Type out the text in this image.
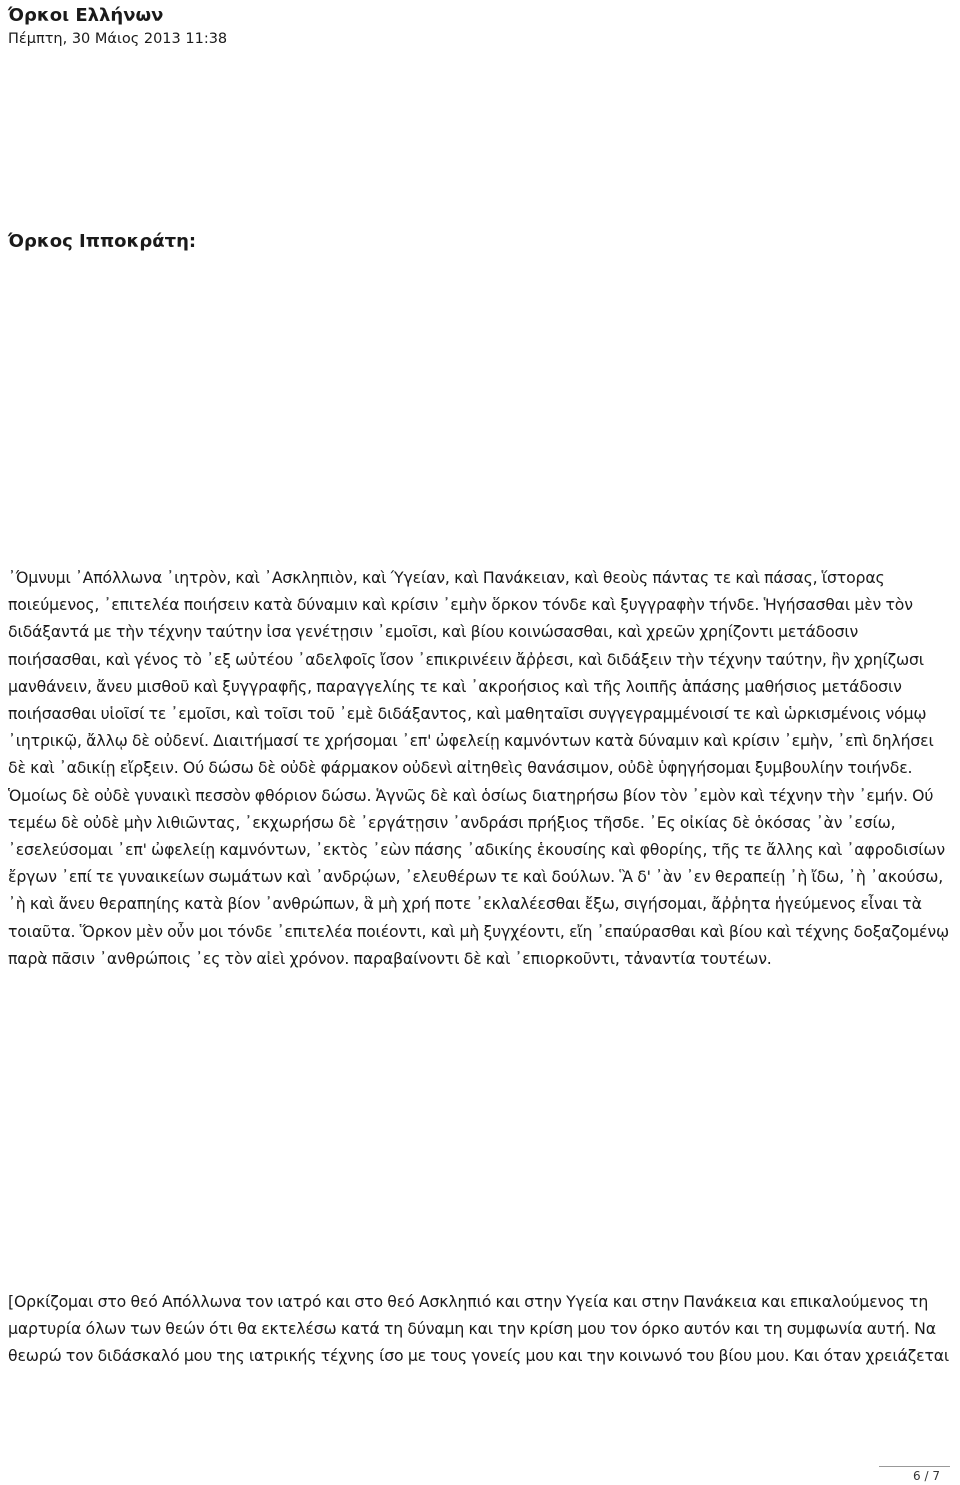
Όρκοι Ελλήνων
Πέμπτη, 30 Μάιος 2013 11:38
Όρκος Ιπποκράτη:

᾿Όμνυμι ᾿Απόλλωνα ᾿ιητρὸν, καὶ ᾿Ασκληπιὸν, καὶ Ύγείαν, καὶ Πανάκειαν, καὶ θεοὺς πάντας τε καὶ πάσας, ἵστορας ποιεύμενος, ᾿επιτελέα ποιήσειν κατὰ δύναμιν καὶ κρίσιν ᾿εμὴν ὅρκον τόνδε καὶ ξυγγραφὴν τήνδε. Ἡγήσασθαι μὲν τὸν διδάξαντά με τὴν τέχνην ταύτην ἰσα γενέτῃσιν ᾿εμοῖσι, καὶ βίου κοινώσασθαι, καὶ χρεῶν χρηίζοντι μετάδοσιν ποιήσασθαι, καὶ γένος τὸ ᾿εξ ωὐτέου ᾿αδελφοῖς ἴσον ᾿επικρινέειν ἄῤῥεσι, καὶ διδάξειν τὴν τέχνην ταύτην, ἢν χρηίζωσι μανθάνειν, ἄνευ μισθοῦ καὶ ξυγγραφῆς, παραγγελίης τε καὶ ᾿ακροήσιος καὶ τῆς λοιπῆς ἁπάσης μαθήσιος μετάδοσιν ποιήσασθαι υἱοῖσί τε ᾿εμοῖσι, καὶ τοῖσι τοῦ ᾿εμὲ διδάξαντος, καὶ μαθηταῖσι συγγεγραμμένοισί τε καὶ ὡρκισμένοις νόμῳ ᾿ιητρικῷ, ἄλλῳ δὲ οὐδενί. Διαιτήμασί τε χρήσομαι ᾿επ' ὠφελείῃ καμνόντων κατὰ δύναμιν καὶ κρίσιν ᾿εμὴν, ᾿επὶ δηλήσει δὲ καὶ ᾿αδικίῃ εἴρξειν. Ού δώσω δὲ οὐδὲ φάρμακον οὐδενὶ αἰτηθεὶς θανάσιμον, οὐδὲ ὑφηγήσομαι ξυμβουλίην τοιήνδε. Ὁμοίως δὲ οὐδὲ γυναικὶ πεσσὸν φθόριον δώσω. Ἁγνῶς δὲ καὶ ὁσίως διατηρήσω βίον τὸν ᾿εμὸν καὶ τέχνην τὴν ᾿εμήν. Ού τεμέω δὲ οὐδὲ μὴν λιθιῶντας, ᾿εκχωρήσω δὲ ᾿εργάτῃσιν ᾿ανδράσι πρήξιος τῆσδε. ᾿Ες οἰκίας δὲ ὁκόσας ᾿ὰν ᾿εσίω, ᾿εσελεύσομαι ᾿επ' ὠφελείῃ καμνόντων, ᾿εκτὸς ᾿εὼν πάσης ᾿αδικίης ἑκουσίης καὶ φθορίης, τῆς τε ἄλλης καὶ ᾿αφροδισίων ἔργων ᾿επί τε γυναικείων σωμάτων καὶ ᾿ανδρῴων, ᾿ελευθέρων τε καὶ δούλων. Ἃ δ' ᾿ὰν ᾿εν θεραπείῃ ᾿ὴ ἴδω, ᾿ὴ ᾿ακούσω, ᾿ὴ καὶ ἄνευ θεραπηίης κατὰ βίον ᾿ανθρώπων, ἃ μὴ χρή ποτε ᾿εκλαλέεσθαι ἔξω, σιγήσομαι, ἄῤῥητα ἡγεύμενος εἶναι τὰ τοιαῦτα. Ὅρκον μὲν οὖν μοι τόνδε ᾿επιτελέα ποιέοντι, καὶ μὴ ξυγχέοντι, εἴη ᾿επαύρασθαι καὶ βίου καὶ τέχνης δοξαζομένῳ παρὰ πᾶσιν ᾿ανθρώποις ᾿ες τὸν αἰεὶ χρόνον. παραβαίνοντι δὲ καὶ ᾿επιορκοῦντι, τἀναντία τουτέων.

[Ορκίζομαι στο θεό Απόλλωνα τον ιατρό και στο θεό Ασκληπιό και στην Υγεία και στην Πανάκεια και επικαλούμενος τη μαρτυρία όλων των θεών ότι θα εκτελέσω κατά τη δύναμη και την κρίση μου τον όρκο αυτόν και τη συμφωνία αυτή. Να θεωρώ τον διδάσκαλό μου της ιατρικής τέχνης ίσο με τους γονείς μου και την κοινωνό του βίου μου. Και όταν χρειάζεται

6 / 7
